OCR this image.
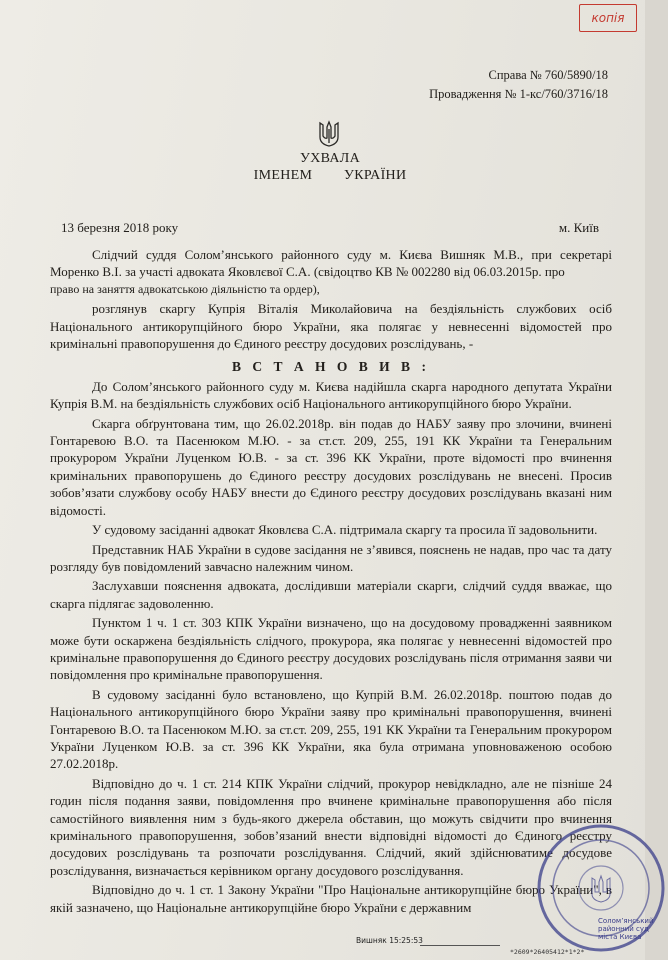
копія
Справа № 760/5890/18
Провадження № 1-кс/760/3716/18
УХВАЛА
ІМЕНЕМ УКРАЇНИ
13 березня 2018 року	м. Київ

Слідчий суддя Солом’янського районного суду м. Києва Вишняк М.В., при секретарі Моренко В.І. за участі адвоката Яковлєвої С.А. (свідоцтво КВ № 002280 від 06.03.2015р. про

право на заняття адвокатською діяльністю та ордер),

розглянув скаргу Купрія Віталія Миколайовича на бездіяльність службових осіб Національного антикорупційного бюро України, яка полягає у невнесенні відомостей про кримінальні правопорушення до Єдиного реєстру досудових розслідувань, -

В С Т А Н О В И В :

До Солом’янського районного суду м. Києва надійшла скарга народного депутата України Купрія В.М. на бездіяльність службових осіб Національного антикорупційного бюро України.

Скарга обґрунтована тим, що 26.02.2018р. він подав до НАБУ заяву про злочини, вчинені Гонтаревою В.О. та Пасенюком М.Ю. - за ст.ст. 209, 255, 191 КК України та Генеральним прокурором України Луценком Ю.В. - за ст. 396 КК України, проте відомості про вчинення кримінальних правопорушень до Єдиного реєстру досудових розслідувань не внесені. Просив зобов’язати службову особу НАБУ внести до Єдиного реєстру досудових розслідувань вказані ним відомості.

У судовому засіданні адвокат Яковлєва С.А. підтримала скаргу та просила її задовольнити.

Представник НАБ України в судове засідання не з’явився, пояснень не надав, про час та дату розгляду був повідомлений завчасно належним чином.

Заслухавши пояснення адвоката, дослідивши матеріали скарги, слідчий суддя вважає, що скарга підлягає задоволенню.

Пунктом 1 ч. 1 ст. 303 КПК України визначено, що на досудовому провадженні заявником може бути оскаржена бездіяльність слідчого, прокурора, яка полягає у невнесенні відомостей про кримінальне правопорушення до Єдиного реєстру досудових розслідувань після отримання заяви чи повідомлення про кримінальне правопорушення.

В судовому засіданні було встановлено, що Купрій В.М. 26.02.2018р. поштою подав до Національного антикорупційного бюро України заяву про кримінальні правопорушення, вчинені Гонтаревою В.О. та Пасенюком М.Ю. за ст.ст. 209, 255, 191 КК України та Генеральним прокурором України Луценком Ю.В. за ст. 396 КК України, яка була отримана уповноваженою особою 27.02.2018р.

Відповідно до ч. 1 ст. 214 КПК України слідчий, прокурор невідкладно, але не пізніше 24 годин після подання заяви, повідомлення про вчинене кримінальне правопорушення або після самостійного виявлення ним з будь-якого джерела обставин, що можуть свідчити про вчинення кримінального правопорушення, зобов’язаний внести відповідні відомості до Єдиного реєстру досудових розслідувань та розпочати розслідування. Слідчий, який здійснюватиме досудове розслідування, визначається керівником органу досудового розслідування.

Відповідно до ч. 1 ст. 1 Закону України "Про Національне антикорупційне бюро України", в якій зазначено, що Національне антикорупційне бюро України є державним

Солом’янський районний суд міста Києва
Вишняк 15:25:53
*2609*26405412*1*2*
